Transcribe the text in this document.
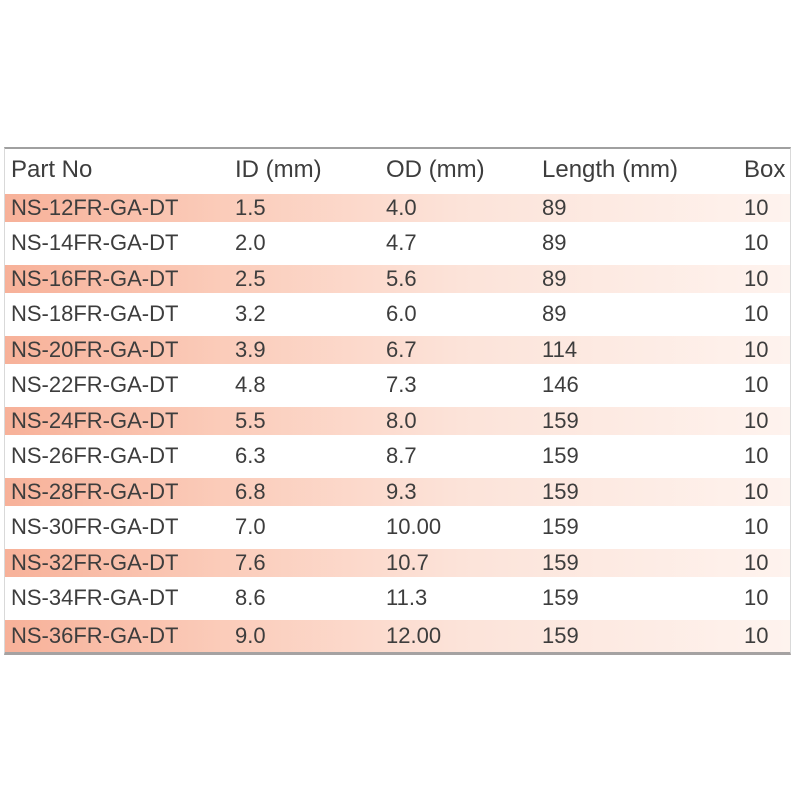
Part No	ID (mm)	OD (mm)	Length (mm)	Box
NS-12FR-GA-DT	1.5	4.0	89	10
NS-14FR-GA-DT	2.0	4.7	89	10
NS-16FR-GA-DT	2.5	5.6	89	10
NS-18FR-GA-DT	3.2	6.0	89	10
NS-20FR-GA-DT	3.9	6.7	114	10
NS-22FR-GA-DT	4.8	7.3	146	10
NS-24FR-GA-DT	5.5	8.0	159	10
NS-26FR-GA-DT	6.3	8.7	159	10
NS-28FR-GA-DT	6.8	9.3	159	10
NS-30FR-GA-DT	7.0	10.00	159	10
NS-32FR-GA-DT	7.6	10.7	159	10
NS-34FR-GA-DT	8.6	11.3	159	10
NS-36FR-GA-DT	9.0	12.00	159	10
